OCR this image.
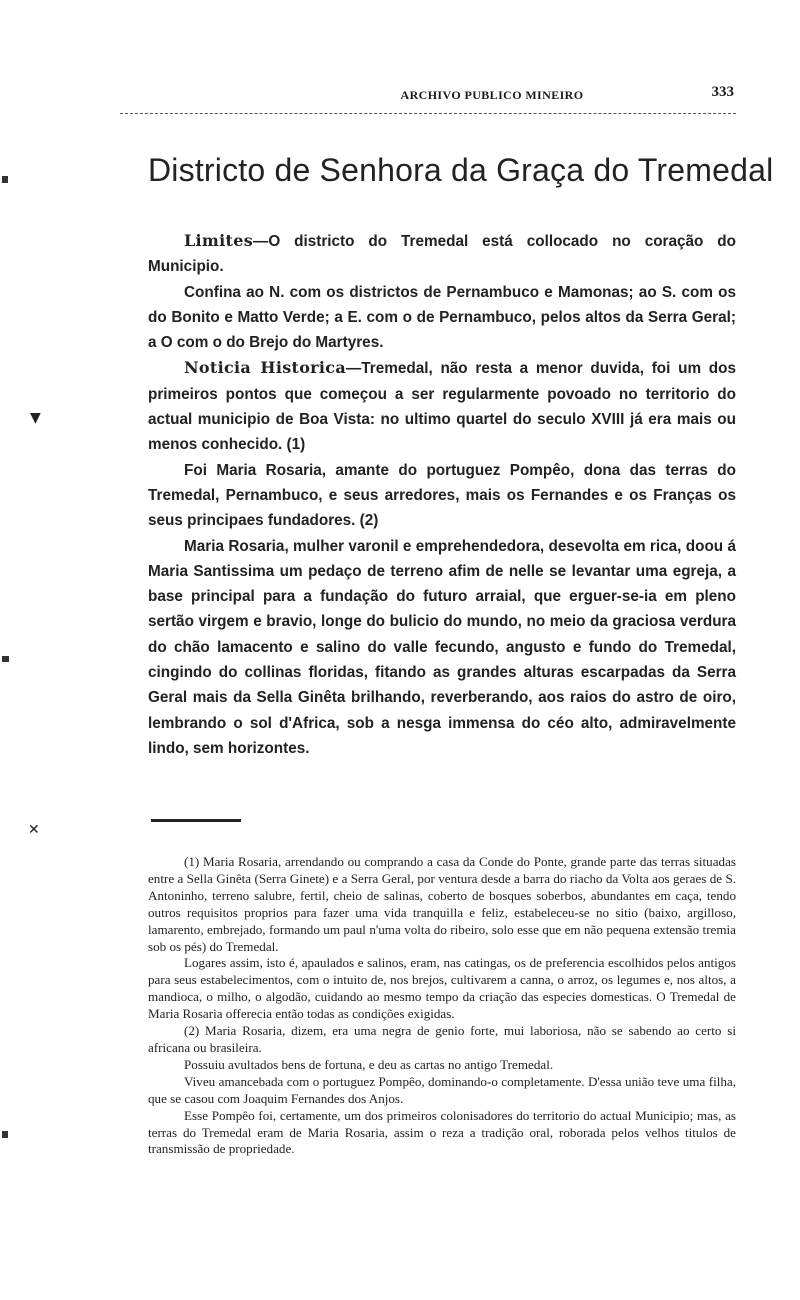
ARCHIVO PUBLICO MINEIRO	333
Districto de Senhora da Graça do Tremedal

Limites—O districto do Tremedal está collocado no coração do Municipio.

Confina ao N. com os districtos de Pernambuco e Mamonas; ao S. com os do Bonito e Matto Verde; a E. com o de Pernambuco, pelos altos da Serra Geral; a O com o do Brejo do Martyres.

Noticia Historica—Tremedal, não resta a menor duvida, foi um dos primeiros pontos que começou a ser regularmente povoado no territorio do actual municipio de Boa Vista: no ultimo quartel do seculo XVIII já era mais ou menos conhecido. (1)

Foi Maria Rosaria, amante do portuguez Pompêo, dona das terras do Tremedal, Pernambuco, e seus arredores, mais os Fernandes e os Franças os seus principaes fundadores. (2)

Maria Rosaria, mulher varonil e emprehendedora, desevolta em rica, doou á Maria Santissima um pedaço de terreno afim de nelle se levantar uma egreja, a base principal para a fundação do futuro arraial, que erguer-se-ia em pleno sertão virgem e bravio, longe do bulicio do mundo, no meio da graciosa verdura do chão lamacento e salino do valle fecundo, angusto e fundo do Tremedal, cingindo do collinas floridas, fitando as grandes alturas escarpadas da Serra Geral mais da Sella Ginêta brilhando, reverberando, aos raios do astro de oiro, lembrando o sol d'Africa, sob a nesga immensa do céo alto, admiravelmente lindo, sem horizontes.

(1) Maria Rosaria, arrendando ou comprando a casa da Conde do Ponte, grande parte das terras situadas entre a Sella Ginêta (Serra Ginete) e a Serra Geral, por ventura desde a barra do riacho da Volta aos geraes de S. Antoninho, terreno salubre, fertil, cheio de salinas, coberto de bosques soberbos, abundantes em caça, tendo outros requisitos proprios para fazer uma vida tranquilla e feliz, estabeleceu-se no sitio (baixo, argilloso, lamarento, embrejado, formando um paul n'uma volta do ribeiro, solo esse que em não pequena extensão tremia sob os pés) do Tremedal.

Logares assim, isto é, apaulados e salinos, eram, nas catingas, os de preferencia escolhidos pelos antigos para seus estabelecimentos, com o intuito de, nos brejos, cultivarem a canna, o arroz, os legumes e, nos altos, a mandioca, o milho, o algodão, cuidando ao mesmo tempo da criação das especies domesticas. O Tremedal de Maria Rosaria offerecia então todas as condições exigidas.

(2) Maria Rosaria, dizem, era uma negra de genio forte, mui laboriosa, não se sabendo ao certo si africana ou brasileira.

Possuiu avultados bens de fortuna, e deu as cartas no antigo Tremedal.

Viveu amancebada com o portuguez Pompêo, dominando-o completamente. D'essa união teve uma filha, que se casou com Joaquim Fernandes dos Anjos.

Esse Pompêo foi, certamente, um dos primeiros colonisadores do territorio do actual Municipio; mas, as terras do Tremedal eram de Maria Rosaria, assim o reza a tradição oral, roborada pelos velhos titulos de transmissão de propriedade.

▼
✕
